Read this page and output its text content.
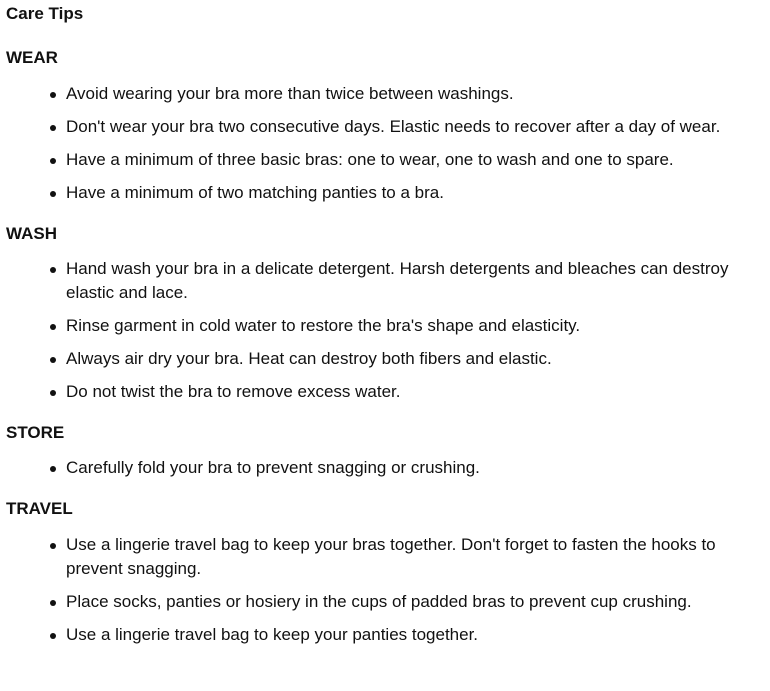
Care Tips
WEAR
Avoid wearing your bra more than twice between washings.
Don't wear your bra two consecutive days. Elastic needs to recover after a day of wear.
Have a minimum of three basic bras: one to wear, one to wash and one to spare.
Have a minimum of two matching panties to a bra.
WASH
Hand wash your bra in a delicate detergent. Harsh detergents and bleaches can destroy elastic and lace.
Rinse garment in cold water to restore the bra's shape and elasticity.
Always air dry your bra. Heat can destroy both fibers and elastic.
Do not twist the bra to remove excess water.
STORE
Carefully fold your bra to prevent snagging or crushing.
TRAVEL
Use a lingerie travel bag to keep your bras together. Don't forget to fasten the hooks to prevent snagging.
Place socks, panties or hosiery in the cups of padded bras to prevent cup crushing.
Use a lingerie travel bag to keep your panties together.
